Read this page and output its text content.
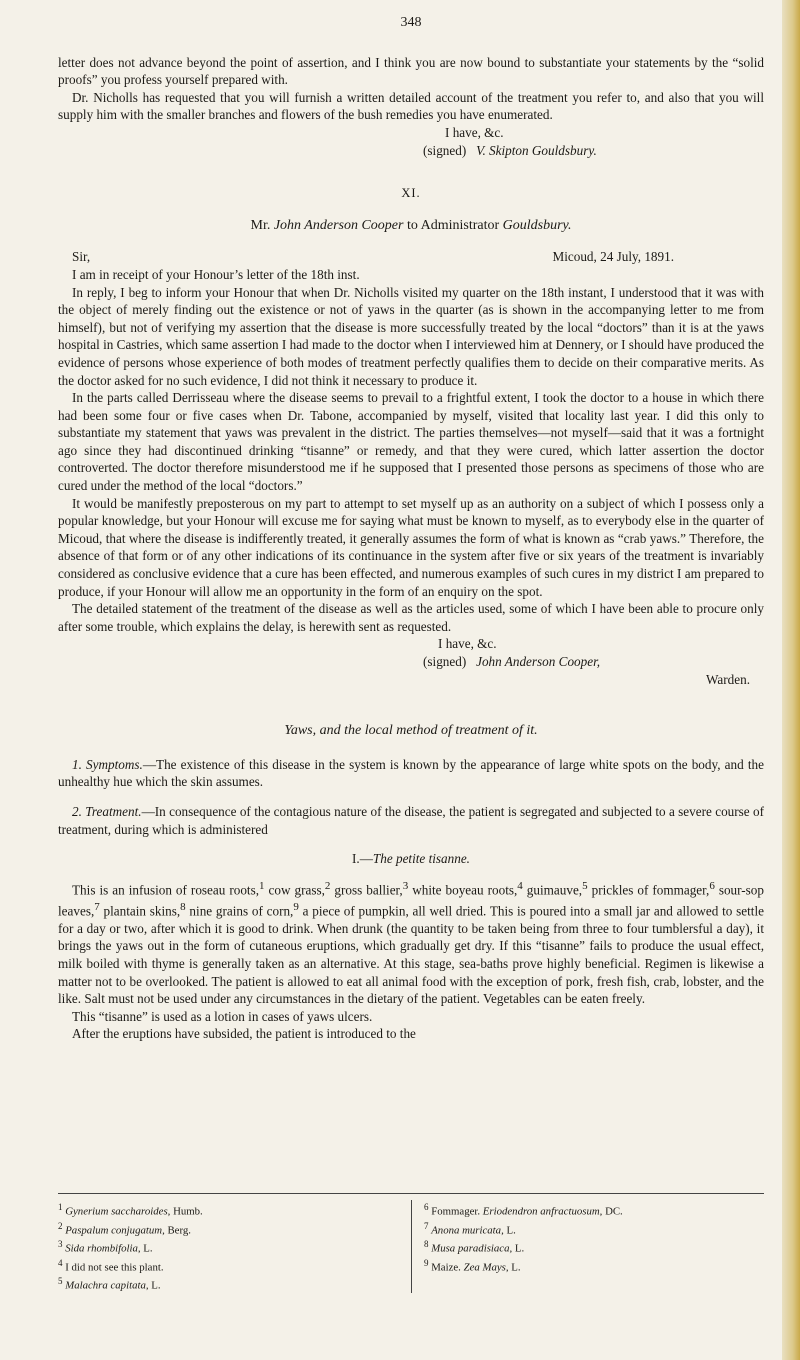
348

letter does not advance beyond the point of assertion, and I think you are now bound to substantiate your statements by the “solid proofs” you profess yourself prepared with.

Dr. Nicholls has requested that you will furnish a written detailed account of the treatment you refer to, and also that you will supply him with the smaller branches and flowers of the bush remedies you have enumerated.

I have, &c.
(signed) V. Skipton Gouldsbury.
XI.
Mr. John Anderson Cooper to Administrator Gouldsbury.
Sir,	Micoud, 24 July, 1891.

I am in receipt of your Honour’s letter of the 18th inst.

In reply, I beg to inform your Honour that when Dr. Nicholls visited my quarter on the 18th instant, I understood that it was with the object of merely finding out the existence or not of yaws in the quarter (as is shown in the accompanying letter to me from himself), but not of verifying my assertion that the disease is more successfully treated by the local “doctors” than it is at the yaws hospital in Castries, which same assertion I had made to the doctor when I interviewed him at Dennery, or I should have produced the evidence of persons whose experience of both modes of treatment perfectly qualifies them to decide on their comparative merits. As the doctor asked for no such evidence, I did not think it necessary to produce it.

In the parts called Derrisseau where the disease seems to prevail to a frightful extent, I took the doctor to a house in which there had been some four or five cases when Dr. Tabone, accompanied by myself, visited that locality last year. I did this only to substantiate my statement that yaws was prevalent in the district. The parties themselves—not myself—said that it was a fortnight ago since they had discontinued drinking “tisanne” or remedy, and that they were cured, which latter assertion the doctor controverted. The doctor therefore misunderstood me if he supposed that I presented those persons as specimens of those who are cured under the method of the local “doctors.”

It would be manifestly preposterous on my part to attempt to set myself up as an authority on a subject of which I possess only a popular knowledge, but your Honour will excuse me for saying what must be known to myself, as to everybody else in the quarter of Micoud, that where the disease is indifferently treated, it generally assumes the form of what is known as “crab yaws.” Therefore, the absence of that form or of any other indications of its continuance in the system after five or six years of the treatment is invariably considered as conclusive evidence that a cure has been effected, and numerous examples of such cures in my district I am prepared to produce, if your Honour will allow me an opportunity in the form of an enquiry on the spot.

The detailed statement of the treatment of the disease as well as the articles used, some of which I have been able to procure only after some trouble, which explains the delay, is herewith sent as requested.

I have, &c.
(signed) John Anderson Cooper,
Warden.
Yaws, and the local method of treatment of it.

1. Symptoms.—The existence of this disease in the system is known by the appearance of large white spots on the body, and the unhealthy hue which the skin assumes.

2. Treatment.—In consequence of the contagious nature of the disease, the patient is segregated and subjected to a severe course of treatment, during which is administered

I.—The petite tisanne.

This is an infusion of roseau roots,$^1$ cow grass,$^2$ gross ballier,$^3$ white boyeau roots,$^4$ guimauve,$^5$ prickles of fommager,$^6$ sour-sop leaves,$^7$ plantain skins,$^8$ nine grains of corn,$^9$ a piece of pumpkin, all well dried. This is poured into a small jar and allowed to settle for a day or two, after which it is good to drink. When drunk (the quantity to be taken being from three to four tumblersful a day), it brings the yaws out in the form of cutaneous eruptions, which gradually get dry. If this “tisanne” fails to produce the usual effect, milk boiled with thyme is generally taken as an alternative. At this stage, sea-baths prove highly beneficial. Regimen is likewise a matter not to be overlooked. The patient is allowed to eat all animal food with the exception of pork, fresh fish, crab, lobster, and the like. Salt must not be used under any circumstances in the dietary of the patient. Vegetables can be eaten freely.

This “tisanne” is used as a lotion in cases of yaws ulcers.

After the eruptions have subsided, the patient is introduced to the

$^1$ Gynerium saccharoides, Humb.
$^2$ Paspalum conjugatum, Berg.
$^3$ Sida rhombifolia, L.
$^4$ I did not see this plant.
$^5$ Malachra capitata, L.
$^6$ Fommager. Eriodendron anfractuosum, DC.
$^7$ Anona muricata, L.
$^8$ Musa paradisiaca, L.
$^9$ Maize. Zea Mays, L.
